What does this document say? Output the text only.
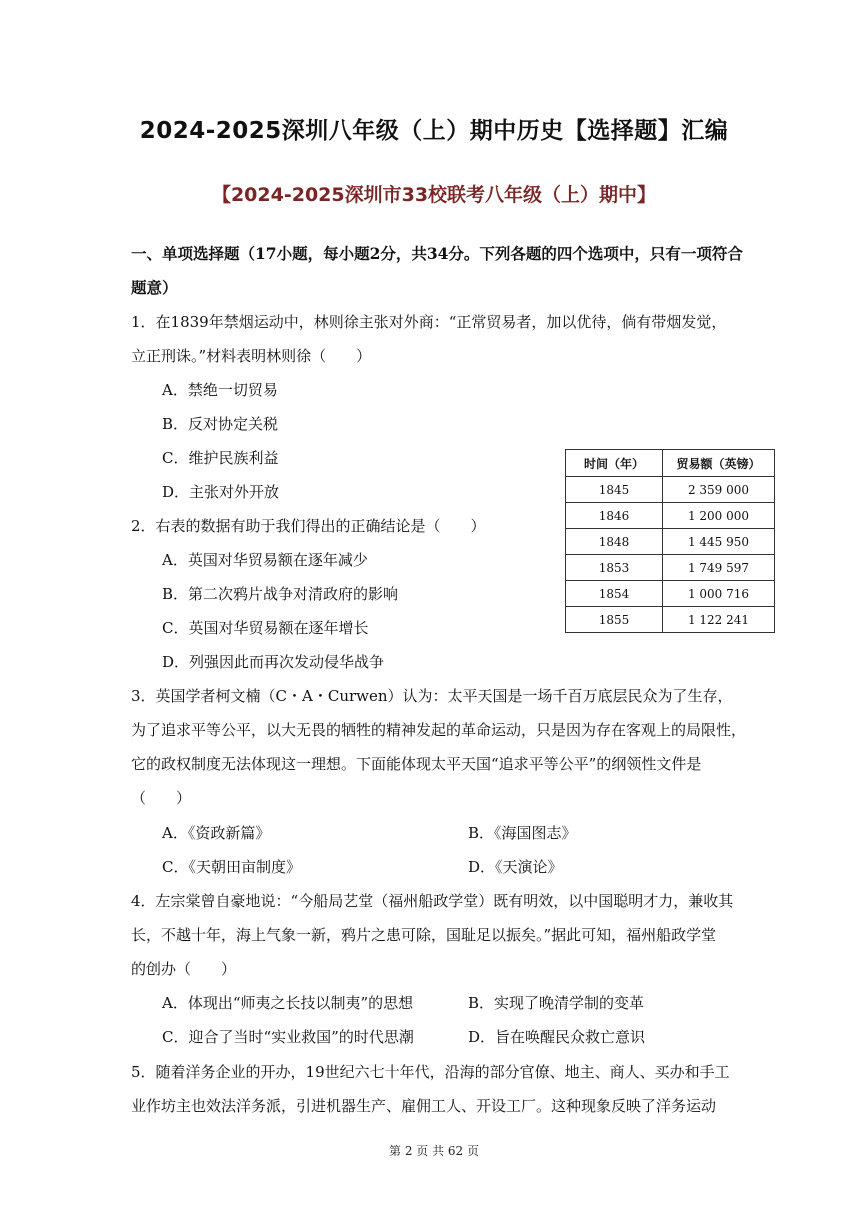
2024-2025深圳八年级（上）期中历史【选择题】汇编
【2024-2025深圳市33校联考八年级（上）期中】
一、单项选择题（17小题，每小题2分，共34分。下列各题的四个选项中，只有一项符合
题意）
1．在1839年禁烟运动中，林则徐主张对外商：“正常贸易者，加以优待，倘有带烟发觉，
立正刑诛。”材料表明林则徐（　　）
A．禁绝一切贸易
B．反对协定关税
C．维护民族利益
D．主张对外开放
2．右表的数据有助于我们得出的正确结论是（　　）
A．英国对华贸易额在逐年减少
B．第二次鸦片战争对清政府的影响
C．英国对华贸易额在逐年增长
D．列强因此而再次发动侵华战争
时间（年）	贸易额（英镑）
1845	2 359 000
1846	1 200 000
1848	1 445 950
1853	1 749 597
1854	1 000 716
1855	1 122 241
3．英国学者柯文楠（C・A・Curwen）认为：太平天国是一场千百万底层民众为了生存，
为了追求平等公平，以大无畏的牺牲的精神发起的革命运动，只是因为存在客观上的局限性，
它的政权制度无法体现这一理想。下面能体现太平天国“追求平等公平”的纲领性文件是
（　　）
A．《资政新篇》	B．《海国图志》
C．《天朝田亩制度》	D．《天演论》
4．左宗棠曾自豪地说：“今船局艺堂（福州船政学堂）既有明效，以中国聪明才力，兼收其
长，不越十年，海上气象一新，鸦片之患可除，国耻足以振矣。”据此可知，福州船政学堂
的创办（　　）
A．体现出“师夷之长技以制夷”的思想	B．实现了晚清学制的变革
C．迎合了当时“实业救国”的时代思潮	D．旨在唤醒民众救亡意识
5．随着洋务企业的开办，19世纪六七十年代，沿海的部分官僚、地主、商人、买办和手工
业作坊主也效法洋务派，引进机器生产、雇佣工人、开设工厂。这种现象反映了洋务运动
第 2 页 共 62 页
